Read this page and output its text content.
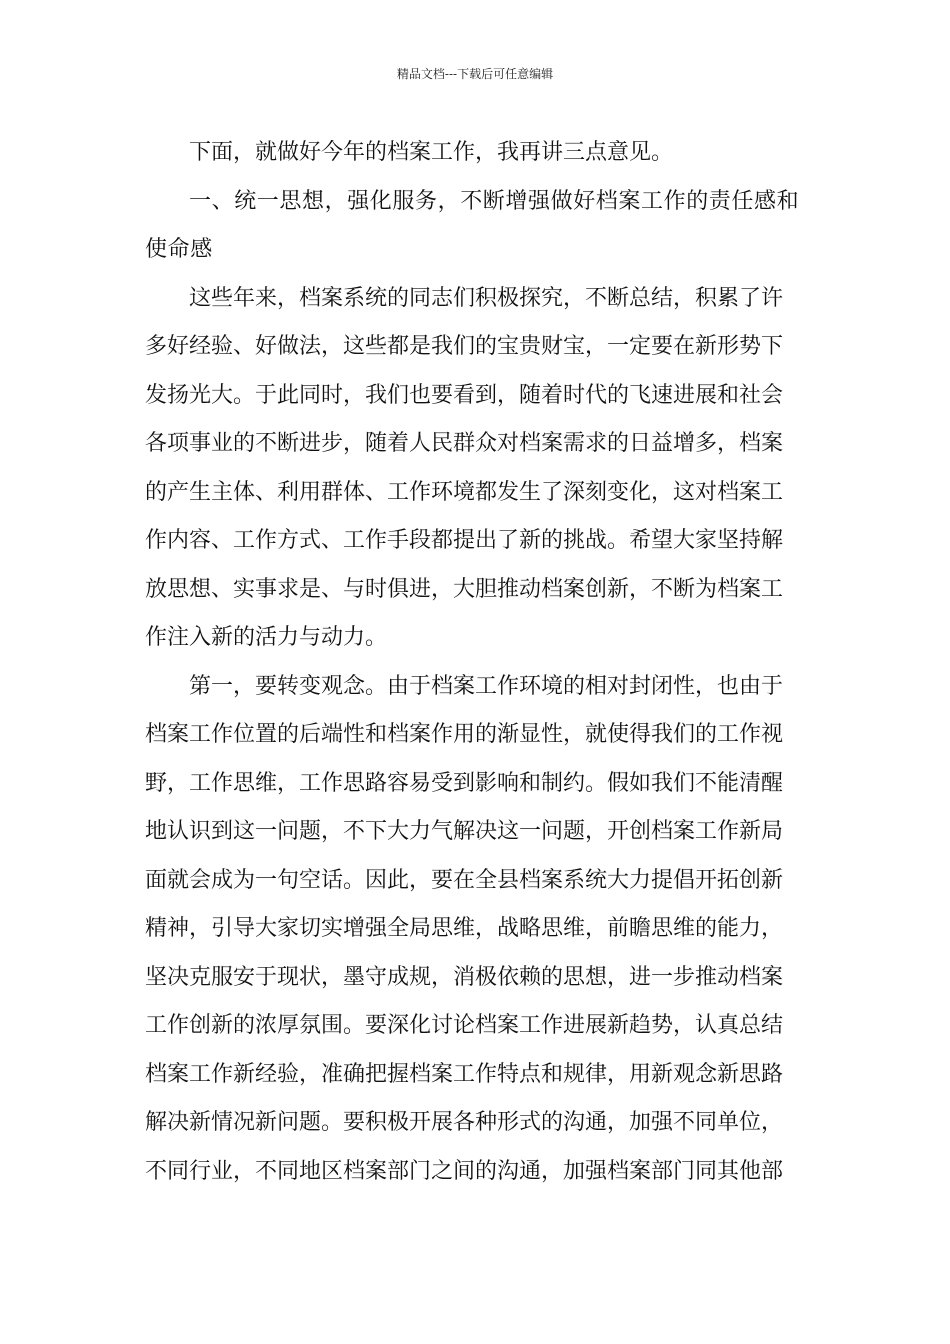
精品文档---下载后可任意编辑

下面，就做好今年的档案工作，我再讲三点意见。

一、统一思想，强化服务，不断增强做好档案工作的责任感和
使命感

这些年来，档案系统的同志们积极探究，不断总结，积累了许
多好经验、好做法，这些都是我们的宝贵财宝，一定要在新形势下
发扬光大。于此同时，我们也要看到，随着时代的飞速进展和社会
各项事业的不断进步，随着人民群众对档案需求的日益增多，档案
的产生主体、利用群体、工作环境都发生了深刻变化，这对档案工
作内容、工作方式、工作手段都提出了新的挑战。希望大家坚持解
放思想、实事求是、与时俱进，大胆推动档案创新，不断为档案工
作注入新的活力与动力。

第一，要转变观念。由于档案工作环境的相对封闭性，也由于
档案工作位置的后端性和档案作用的渐显性，就使得我们的工作视
野，工作思维，工作思路容易受到影响和制约。假如我们不能清醒
地认识到这一问题，不下大力气解决这一问题，开创档案工作新局
面就会成为一句空话。因此，要在全县档案系统大力提倡开拓创新
精神，引导大家切实增强全局思维，战略思维，前瞻思维的能力，
坚决克服安于现状，墨守成规，消极依赖的思想，进一步推动档案
工作创新的浓厚氛围。要深化讨论档案工作进展新趋势，认真总结
档案工作新经验，准确把握档案工作特点和规律，用新观念新思路
解决新情况新问题。要积极开展各种形式的沟通，加强不同单位，
不同行业，不同地区档案部门之间的沟通，加强档案部门同其他部
